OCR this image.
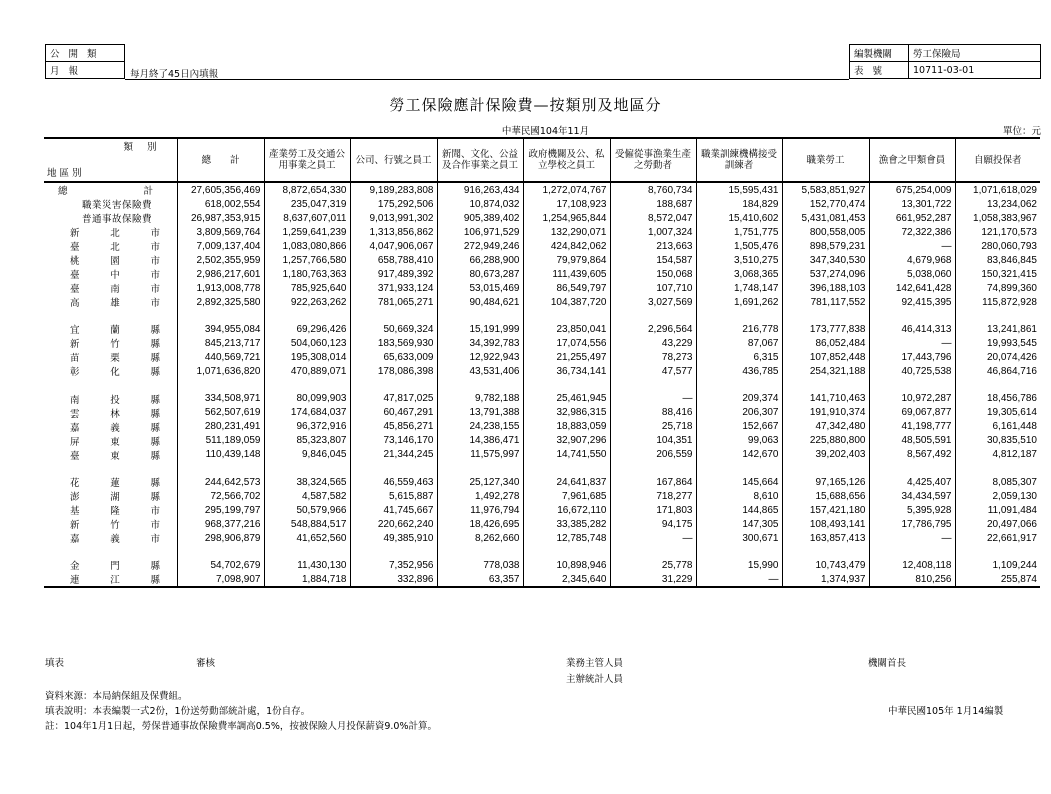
公開類
月報	每月終了45日內填報
編製機關	勞工保險局
表號	10711-03-01
勞工保險應計保險費—按類別及地區分
中華民國104年11月	單位：元
類別
地區別	總　　計	產業勞工及交通公用事業之員工	公司、行號之員工	新聞、文化、公益及合作事業之員工	政府機關及公、私立學校之員工	受僱從事漁業生產之勞動者	職業訓練機構接受訓練者	職業勞工	漁會之甲類會員	自願投保者
總　　　　　　　　計	27,605,356,469	8,872,654,330	9,189,283,808	916,263,434	1,272,074,767	8,760,734	15,595,431	5,583,851,927	675,254,009	1,071,618,029
職業災害保險費	618,002,554	235,047,319	175,292,506	10,874,032	17,108,923	188,687	184,829	152,770,474	13,301,722	13,234,062
普通事故保險費	26,987,353,915	8,637,607,011	9,013,991,302	905,389,402	1,254,965,844	8,572,047	15,410,602	5,431,081,453	661,952,287	1,058,383,967
新北市	3,809,569,764	1,259,641,239	1,313,856,862	106,971,529	132,290,071	1,007,324	1,751,775	800,558,005	72,322,386	121,170,573
臺北市	7,009,137,404	1,083,080,866	4,047,906,067	272,949,246	424,842,062	213,663	1,505,476	898,579,231	—	280,060,793
桃園市	2,502,355,959	1,257,766,580	658,788,410	66,288,900	79,979,864	154,587	3,510,275	347,340,530	4,679,968	83,846,845
臺中市	2,986,217,601	1,180,763,363	917,489,392	80,673,287	111,439,605	150,068	3,068,365	537,274,096	5,038,060	150,321,415
臺南市	1,913,008,778	785,925,640	371,933,124	53,015,469	86,549,797	107,710	1,748,147	396,188,103	142,641,428	74,899,360
高雄市	2,892,325,580	922,263,262	781,065,271	90,484,621	104,387,720	3,027,569	1,691,262	781,117,552	92,415,395	115,872,928

宜蘭縣	394,955,084	69,296,426	50,669,324	15,191,999	23,850,041	2,296,564	216,778	173,777,838	46,414,313	13,241,861
新竹縣	845,213,717	504,060,123	183,569,930	34,392,783	17,074,556	43,229	87,067	86,052,484	—	19,993,545
苗栗縣	440,569,721	195,308,014	65,633,009	12,922,943	21,255,497	78,273	6,315	107,852,448	17,443,796	20,074,426
彰化縣	1,071,636,820	470,889,071	178,086,398	43,531,406	36,734,141	47,577	436,785	254,321,188	40,725,538	46,864,716

南投縣	334,508,971	80,099,903	47,817,025	9,782,188	25,461,945	—	209,374	141,710,463	10,972,287	18,456,786
雲林縣	562,507,619	174,684,037	60,467,291	13,791,388	32,986,315	88,416	206,307	191,910,374	69,067,877	19,305,614
嘉義縣	280,231,491	96,372,916	45,856,271	24,238,155	18,883,059	25,718	152,667	47,342,480	41,198,777	6,161,448
屏東縣	511,189,059	85,323,807	73,146,170	14,386,471	32,907,296	104,351	99,063	225,880,800	48,505,591	30,835,510
臺東縣	110,439,148	9,846,045	21,344,245	11,575,997	14,741,550	206,559	142,670	39,202,403	8,567,492	4,812,187

花蓮縣	244,642,573	38,324,565	46,559,463	25,127,340	24,641,837	167,864	145,664	97,165,126	4,425,407	8,085,307
澎湖縣	72,566,702	4,587,582	5,615,887	1,492,278	7,961,685	718,277	8,610	15,688,656	34,434,597	2,059,130
基隆市	295,199,797	50,579,966	41,745,667	11,976,794	16,672,110	171,803	144,865	157,421,180	5,395,928	11,091,484
新竹市	968,377,216	548,884,517	220,662,240	18,426,695	33,385,282	94,175	147,305	108,493,141	17,786,795	20,497,066
嘉義市	298,906,879	41,652,560	49,385,910	8,262,660	12,785,748	—	300,671	163,857,413	—	22,661,917

金門縣	54,702,679	11,430,130	7,352,956	778,038	10,898,946	25,778	15,990	10,743,479	12,408,118	1,109,244
連江縣	7,098,907	1,884,718	332,896	63,357	2,345,640	31,229	—	1,374,937	810,256	255,874
填表	審核	業務主管人員	機關首長
主辦統計人員
資料來源：本局納保組及保費組。
填表說明：本表編製一式2份，1份送勞動部統計處，1份自存。	中華民國105年 1月14編製
註：104年1月1日起，勞保普通事故保險費率調高0.5%，按被保險人月投保薪資9.0%計算。
